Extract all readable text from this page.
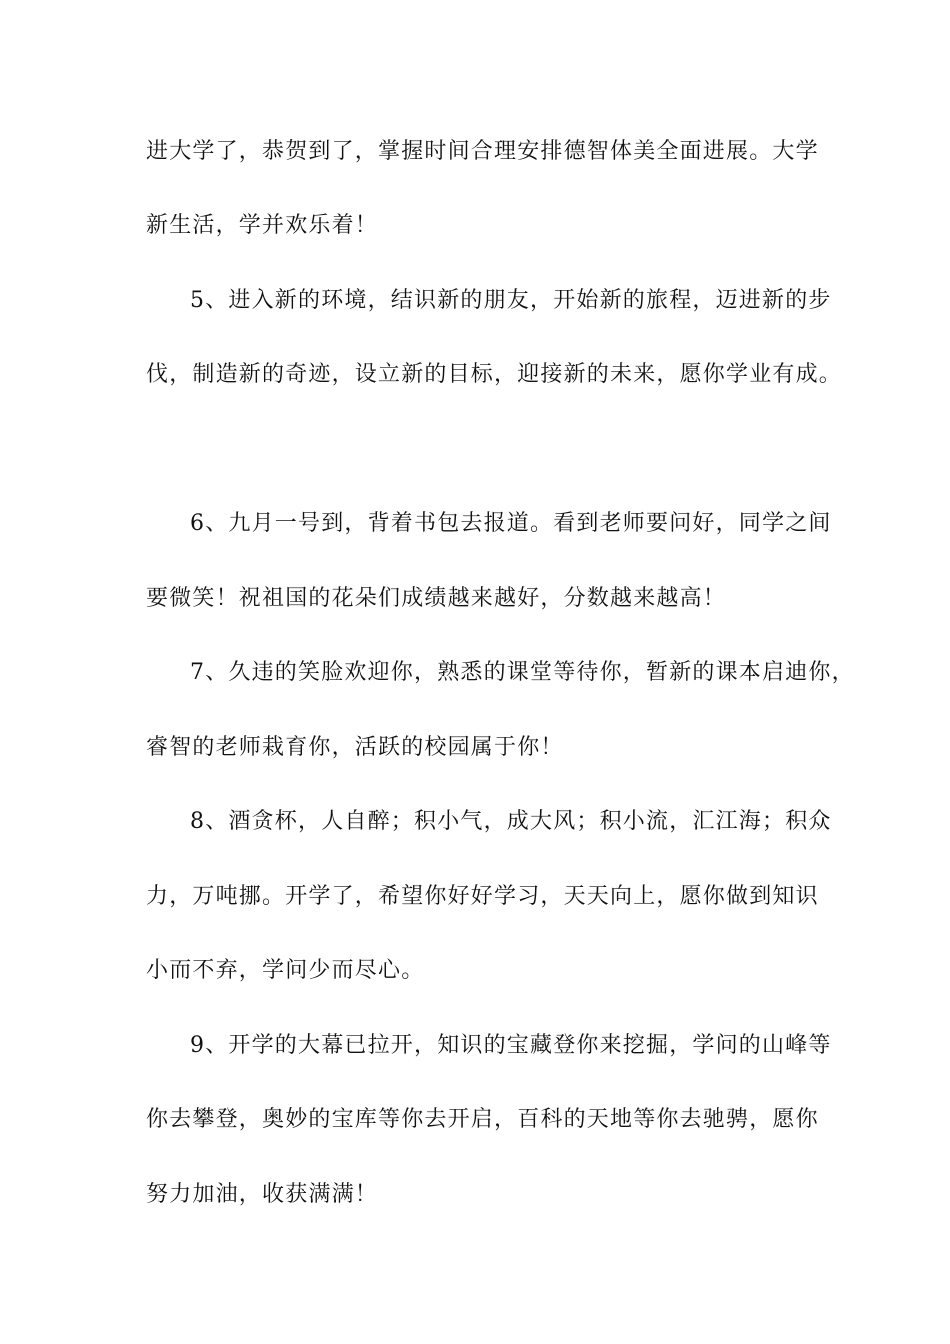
进大学了，恭贺到了，掌握时间合理安排德智体美全面进展。大学
新生活，学并欢乐着！
5、进入新的环境，结识新的朋友，开始新的旅程，迈进新的步
伐，制造新的奇迹，设立新的目标，迎接新的未来，愿你学业有成。
6、九月一号到，背着书包去报道。看到老师要问好，同学之间
要微笑！祝祖国的花朵们成绩越来越好，分数越来越高！
7、久违的笑脸欢迎你，熟悉的课堂等待你，暂新的课本启迪你，
睿智的老师栽育你，活跃的校园属于你！
8、酒贪杯，人自醉；积小气，成大风；积小流，汇江海；积众
力，万吨挪。开学了，希望你好好学习，天天向上，愿你做到知识
小而不弃，学问少而尽心。
9、开学的大幕已拉开，知识的宝藏登你来挖掘，学问的山峰等
你去攀登，奥妙的宝库等你去开启，百科的天地等你去驰骋，愿你
努力加油，收获满满！
